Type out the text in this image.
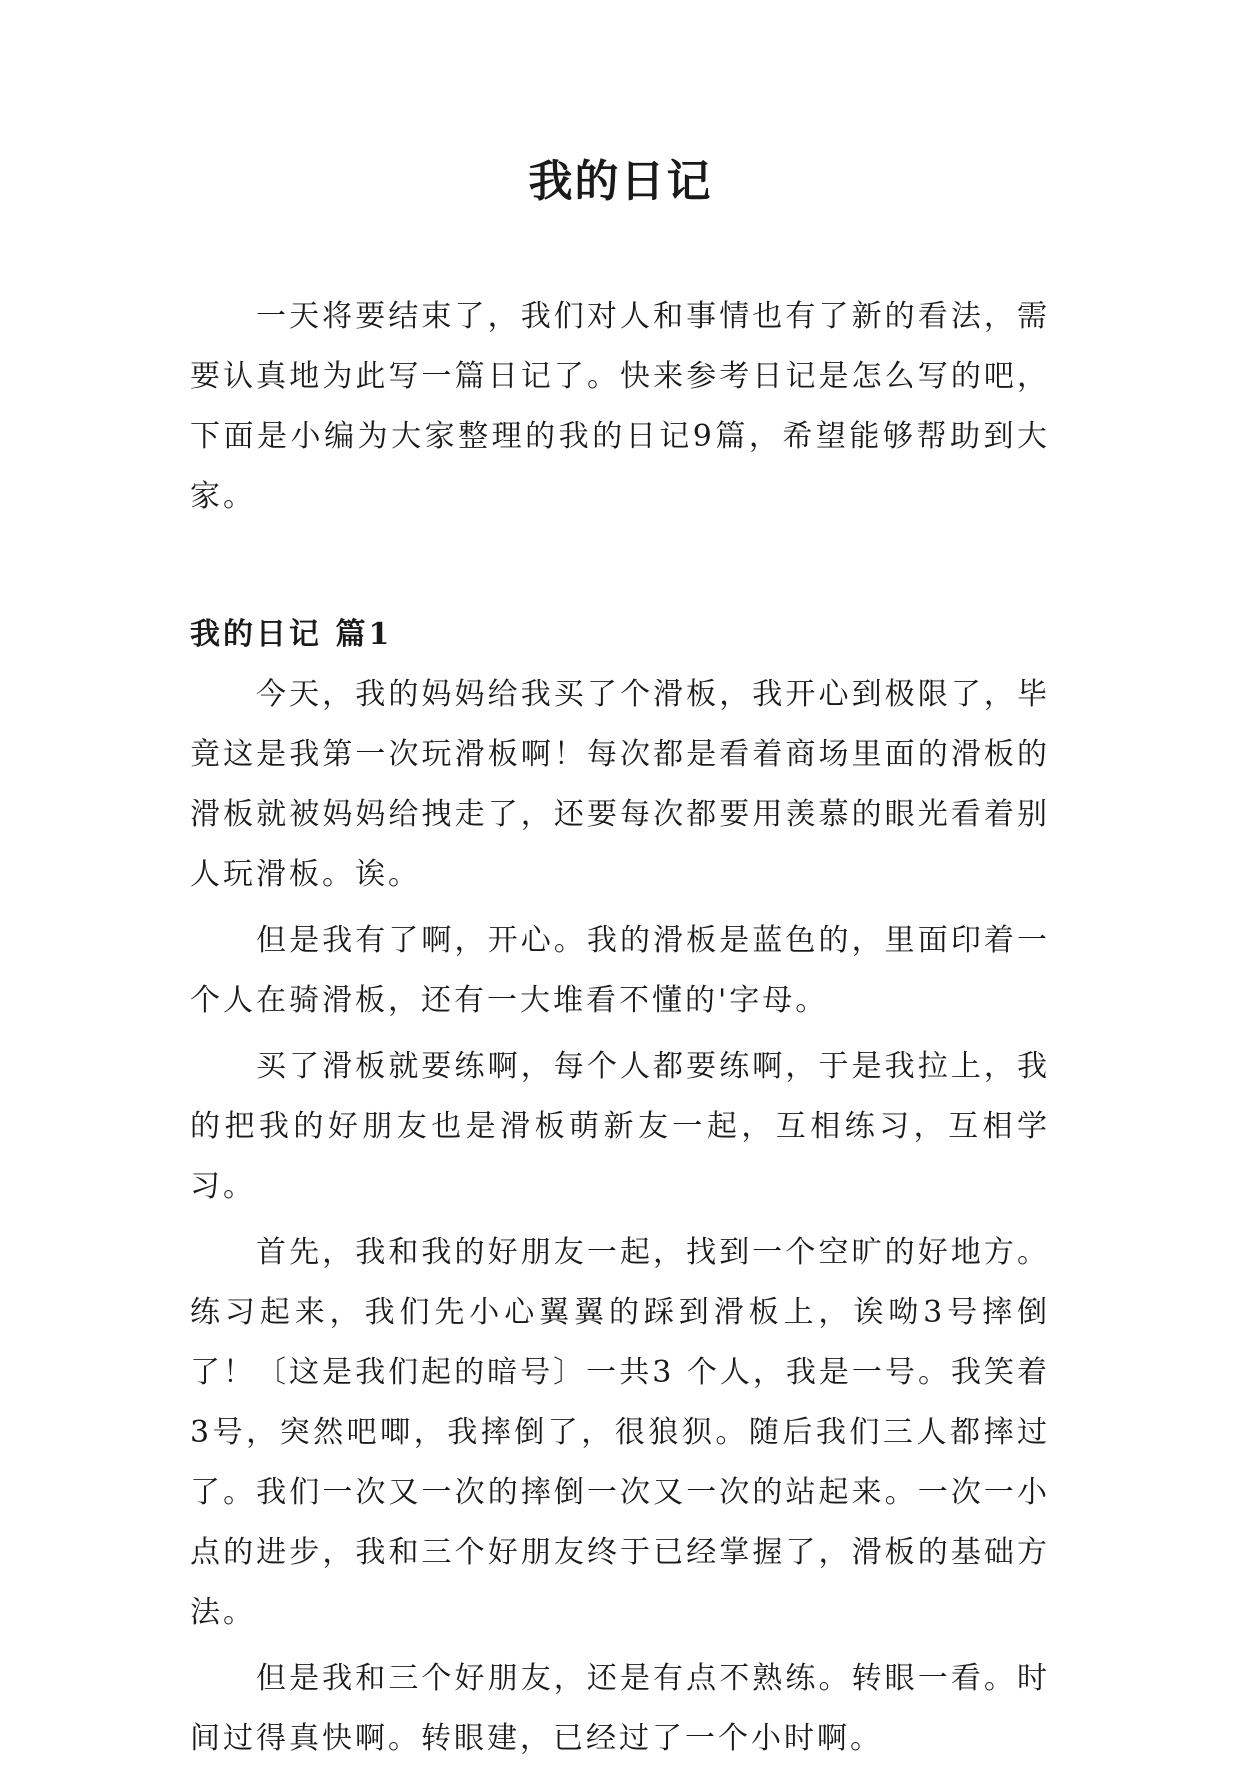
我的日记

一天将要结束了，我们对人和事情也有了新的看法，需要认真地为此写一篇日记了。快来参考日记是怎么写的吧，下面是小编为大家整理的我的日记9篇，希望能够帮助到大家。

我的日记 篇1

今天，我的妈妈给我买了个滑板，我开心到极限了，毕竟这是我第一次玩滑板啊！每次都是看着商场里面的滑板的滑板就被妈妈给拽走了，还要每次都要用羡慕的眼光看着别人玩滑板。诶。

但是我有了啊，开心。我的滑板是蓝色的，里面印着一个人在骑滑板，还有一大堆看不懂的'字母。

买了滑板就要练啊，每个人都要练啊，于是我拉上，我的把我的好朋友也是滑板萌新友一起，互相练习，互相学习。

首先，我和我的好朋友一起，找到一个空旷的好地方。练习起来，我们先小心翼翼的踩到滑板上，诶呦3号摔倒了！〔这是我们起的暗号〕一共3 个人，我是一号。我笑着3号，突然吧唧，我摔倒了，很狼狈。随后我们三人都摔过了。我们一次又一次的摔倒一次又一次的站起来。一次一小点的进步，我和三个好朋友终于已经掌握了，滑板的基础方法。

但是我和三个好朋友，还是有点不熟练。转眼一看。时间过得真快啊。转眼建，已经过了一个小时啊。
